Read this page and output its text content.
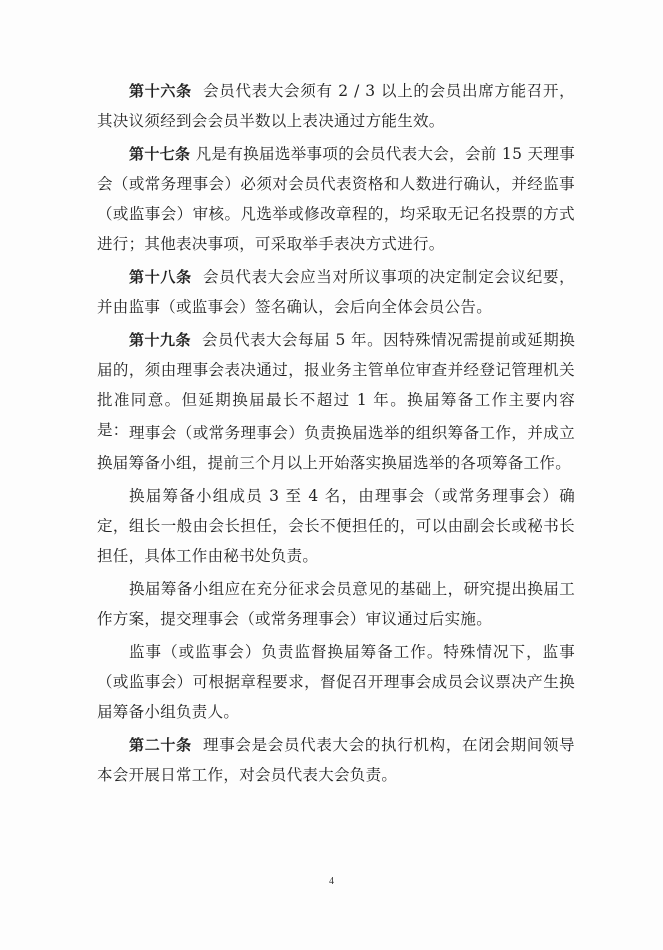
第十六条 会员代表大会须有 2 / 3 以上的会员出席方能召开，其决议须经到会会员半数以上表决通过方能生效。

第十七条 凡是有换届选举事项的会员代表大会，会前 15 天理事会（或常务理事会）必须对会员代表资格和人数进行确认，并经监事（或监事会）审核。凡选举或修改章程的，均采取无记名投票的方式进行；其他表决事项，可采取举手表决方式进行。

第十八条 会员代表大会应当对所议事项的决定制定会议纪要，并由监事（或监事会）签名确认，会后向全体会员公告。

第十九条 会员代表大会每届 5 年。因特殊情况需提前或延期换届的，须由理事会表决通过，报业务主管单位审查并经登记管理机关批准同意。但延期换届最长不超过 1 年。换届筹备工作主要内容是： 理事会（或常务理事会）负责换届选举的组织筹备工作，并成立换届筹备小组，提前三个月以上开始落实换届选举的各项筹备工作。

换届筹备小组成员 3 至 4 名，由理事会（或常务理事会）确定，组长一般由会长担任，会长不便担任的，可以由副会长或秘书长担任，具体工作由秘书处负责。

换届筹备小组应在充分征求会员意见的基础上，研究提出换届工作方案，提交理事会（或常务理事会）审议通过后实施。

监事（或监事会）负责监督换届筹备工作。特殊情况下，监事（或监事会）可根据章程要求，督促召开理事会成员会议票决产生换届筹备小组负责人。

第二十条 理事会是会员代表大会的执行机构，在闭会期间领导本会开展日常工作，对会员代表大会负责。

4
